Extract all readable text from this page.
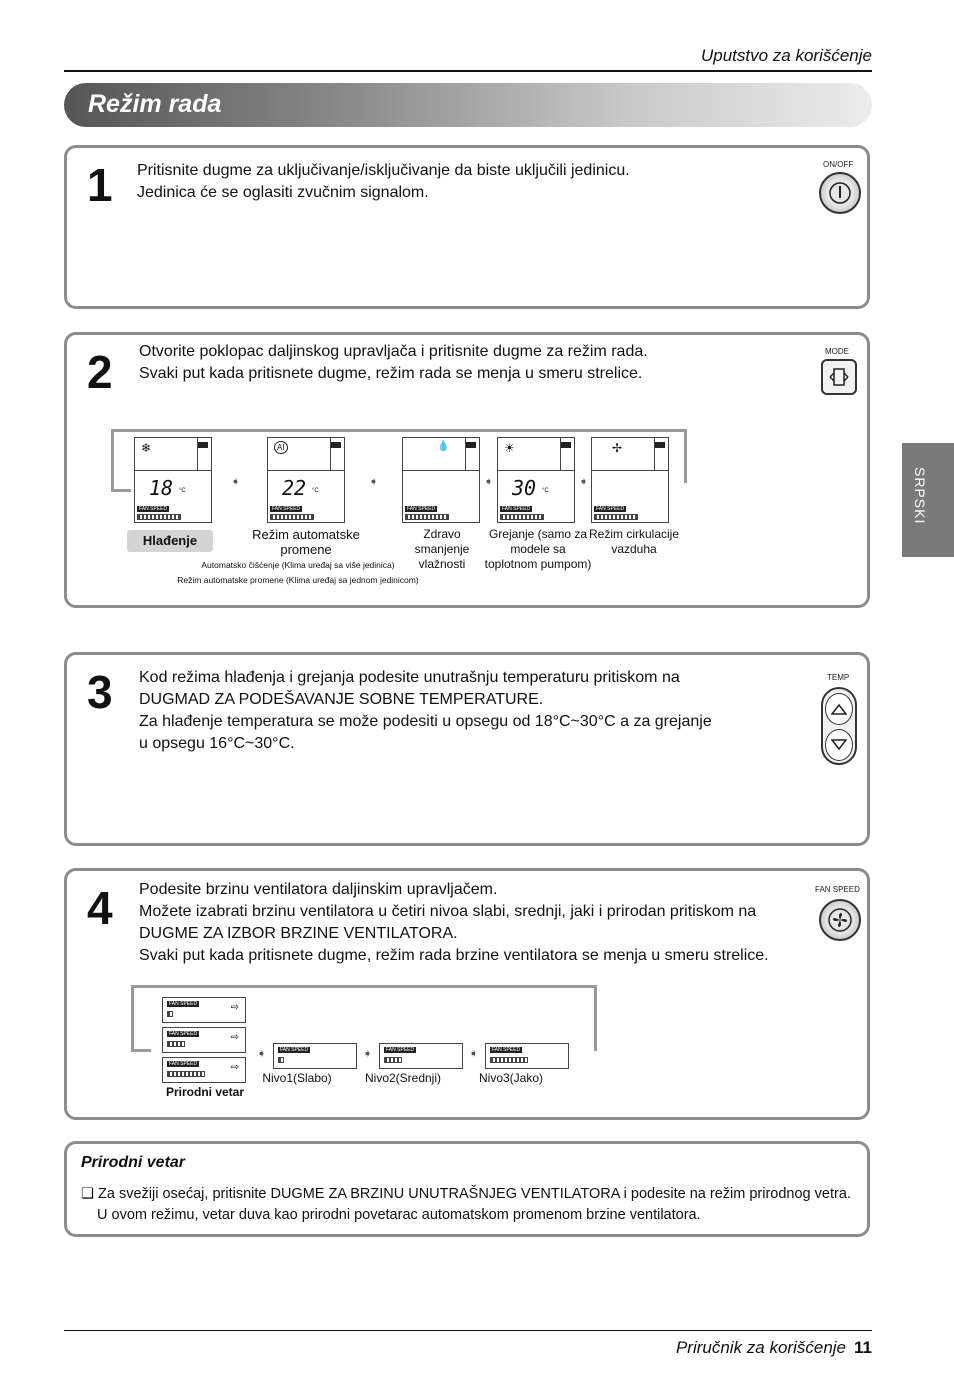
Uputstvo za korišćenje
Režim rada
SRPSKI
1 Pritisnite dugme za uključivanje/isključivanje da biste uključili jedinicu.
Jedinica će se oglasiti zvučnim signalom.
ON/OFF
2 Otvorite poklopac daljinskog upravljača i pritisnite dugme za režim rada.
Svaki put kada pritisnete dugme, režim rada se menja u smeru strelice.
MODE
❄
18 °C
FAN SPEED
➧
AI
22 °C
FAN SPEED
➧
💧
FAN SPEED
➧
☀
30 °C
FAN SPEED
➧
✢
FAN SPEED
Hlađenje	Režim automatske promene
Zdravo smanjenje vlažnosti
Grejanje (samo za modele sa toplotnom pumpom)
Režim cirkulacije vazduha
Automatsko čišćenje (Klima uređaj sa više jedinica)
Režim automatske promene (Klima uređaj sa jednom jedinicom)
3 Kod režima hlađenja i grejanja podesite unutrašnju temperaturu pritiskom na
DUGMAD ZA PODEŠAVANJE SOBNE TEMPERATURE.
Za hlađenje temperatura se može podesiti u opsegu od 18°C~30°C a za grejanje
u opsegu 16°C~30°C.
TEMP
4 Podesite brzinu ventilatora daljinskim upravljačem.
Možete izabrati brzinu ventilatora u četiri nivoa slabi, srednji, jaki i prirodan pritiskom na
DUGME ZA IZBOR BRZINE VENTILATORA.
Svaki put kada pritisnete dugme, režim rada brzine ventilatora se menja u smeru strelice.
FAN SPEED
FAN SPEED	⇨
FAN SPEED	⇨
FAN SPEED	⇨
Prirodni vetar
➧	FAN SPEED
Nivo1(Slabo)
➧	FAN SPEED
Nivo2(Srednji)
➧	FAN SPEED
Nivo3(Jako)
Prirodni vetar
❏ Za svežiji osećaj, pritisnite DUGME ZA BRZINU UNUTRAŠNJEG VENTILATORA i podesite na režim prirodnog vetra.
U ovom režimu, vetar duva kao prirodni povetarac automatskom promenom brzine ventilatora.
Priručnik za korišćenje 11
